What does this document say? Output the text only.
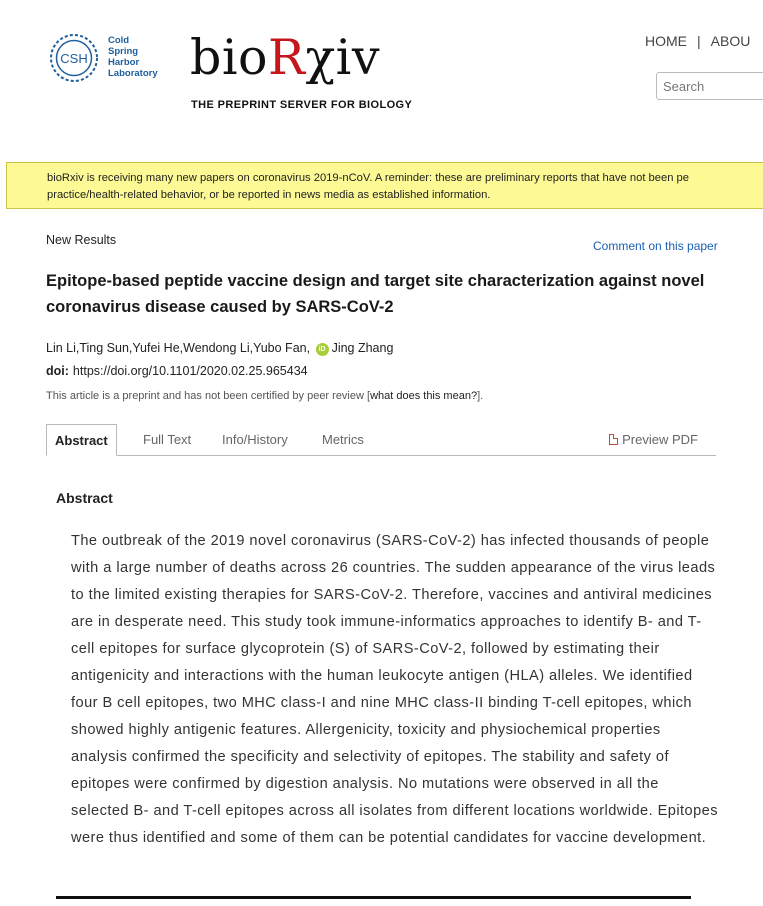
CSH
Cold
Spring
Harbor
Laboratory bioRχiv
THE PREPRINT SERVER FOR BIOLOGY
HOME | ABOU
Search
bioRxiv is receiving many new papers on coronavirus 2019-nCoV. A reminder: these are preliminary reports that have not been pe
practice/health-related behavior, or be reported in news media as established information.
New Results	Comment on this paper
Epitope-based peptide vaccine design and target site characterization against novel coronavirus disease caused by SARS-CoV-2
Lin Li,Ting Sun,Yufei He,Wendong Li,Yubo Fan, iD Jing Zhang
doi: https://doi.org/10.1101/2020.02.25.965434
This article is a preprint and has not been certified by peer review [what does this mean?].
Abstract	Full Text Info/History	Metrics	Preview PDF
Abstract

The outbreak of the 2019 novel coronavirus (SARS-CoV-2) has infected thousands of people with a large number of deaths across 26 countries. The sudden appearance of the virus leads to the limited existing therapies for SARS-CoV-2. Therefore, vaccines and antiviral medicines are in desperate need. This study took immune-informatics approaches to identify B- and T-cell epitopes for surface glycoprotein (S) of SARS-CoV-2, followed by estimating their antigenicity and interactions with the human leukocyte antigen (HLA) alleles. We identified four B cell epitopes, two MHC class-I and nine MHC class-II binding T-cell epitopes, which showed highly antigenic features. Allergenicity, toxicity and physiochemical properties analysis confirmed the specificity and selectivity of epitopes. The stability and safety of epitopes were confirmed by digestion analysis. No mutations were observed in all the selected B- and T-cell epitopes across all isolates from different locations worldwide. Epitopes were thus identified and some of them can be potential candidates for vaccine development.
